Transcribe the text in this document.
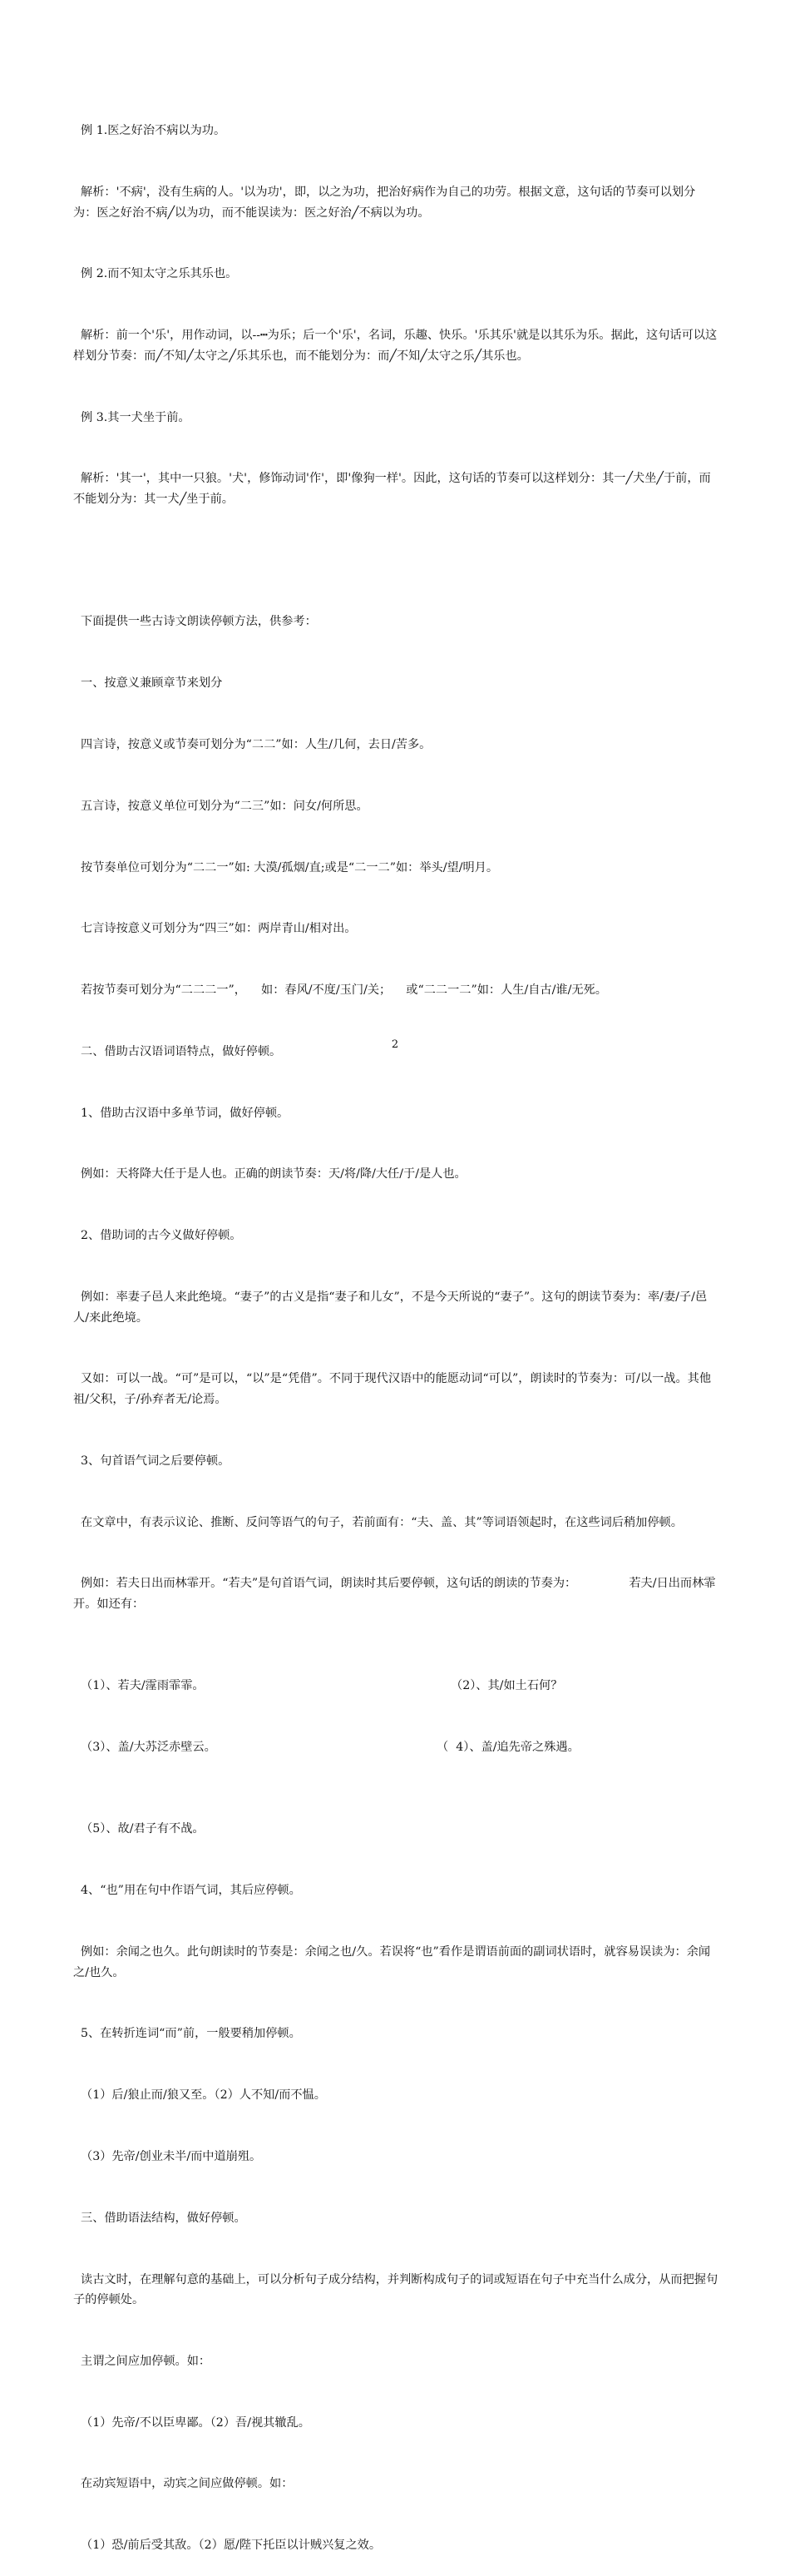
例 1.医之好治不病以为功。

解析：'不病'，没有生病的人。'以为功'，即，以之为功，把治好病作为自己的功劳。根据文意，这句话的节奏可以划分为：医之好治不病╱以为功，而不能误读为：医之好治╱不病以为功。

例 2.而不知太守之乐其乐也。

解析：前一个'乐'，用作动词，以--┅为乐；后一个'乐'，名词，乐趣、快乐。'乐其乐'就是以其乐为乐。据此，这句话可以这样划分节奏：而╱不知╱太守之╱乐其乐也，而不能划分为：而╱不知╱太守之乐╱其乐也。

例 3.其一犬坐于前。

解析：'其一'，其中一只狼。'犬'，修饰动词'作'，即'像狗一样'。因此，这句话的节奏可以这样划分：其一╱犬坐╱于前，而不能划分为：其一犬╱坐于前。

下面提供一些古诗文朗读停顿方法，供参考：

一、按意义兼顾章节来划分

四言诗，按意义或节奏可划分为“二二”如：人生/几何，去日/苦多。

五言诗，按意义单位可划分为“二三”如：问女/何所思。

按节奏单位可划分为“二二一”如: 大漠/孤烟/直;或是“二一二”如：举头/望/明月。

七言诗按意义可划分为“四三”如：两岸青山/相对出。

若按节奏可划分为“二二二一”，    如：春风/不度/玉门/关；    或“二二一二”如：人生/自古/谁/无死。

二、借助古汉语词语特点，做好停顿。

1、借助古汉语中多单节词，做好停顿。

例如：天将降大任于是人也。正确的朗读节奏：天/将/降/大任/于/是人也。

2、借助词的古今义做好停顿。

例如：率妻子邑人来此绝境。“妻子”的古义是指“妻子和儿女”，不是今天所说的“妻子”。这句的朗读节奏为：率/妻/子/邑人/来此绝境。

又如：可以一战。“可”是可以，“以”是“凭借”。不同于现代汉语中的能愿动词“可以”，朗读时的节奏为：可/以一战。其他祖/父积，子/孙弃者无/论焉。

3、句首语气词之后要停顿。

在文章中，有表示议论、推断、反问等语气的句子，若前面有：“夫、盖、其”等词语领起时，在这些词后稍加停顿。

例如：若夫日出而林霏开。“若夫”是句首语气词，朗读时其后要停顿，这句话的朗读的节奏为：              若夫/日出而林霏开。如还有：

（1）、若夫/霪雨霏霏。

	（2）、其/如土石何？

（3）、盖/大苏泛赤壁云。

	（  4）、盖/追先帝之殊遇。

（5）、故/君子有不战。

4、“也”用在句中作语气词，其后应停顿。

例如：余闻之也久。此句朗读时的节奏是：余闻之也/久。若误将“也”看作是谓语前面的副词状语时，就容易误读为：余闻之/也久。

5、在转折连词“而”前，一般要稍加停顿。

（1）后/狼止而/狼又至。（2）人不知/而不愠。

（3）先帝/创业未半/而中道崩殂。

三、借助语法结构，做好停顿。

读古文时，在理解句意的基础上，可以分析句子成分结构，并判断构成句子的词或短语在句子中充当什么成分，从而把握句子的停顿处。

主谓之间应加停顿。如：

（1）先帝/不以臣卑鄙。（2）吾/视其辙乱。

在动宾短语中，动宾之间应做停顿。如：

（1）恐/前后受其敌。（2）愿/陛下托臣以计贼兴复之效。

2
